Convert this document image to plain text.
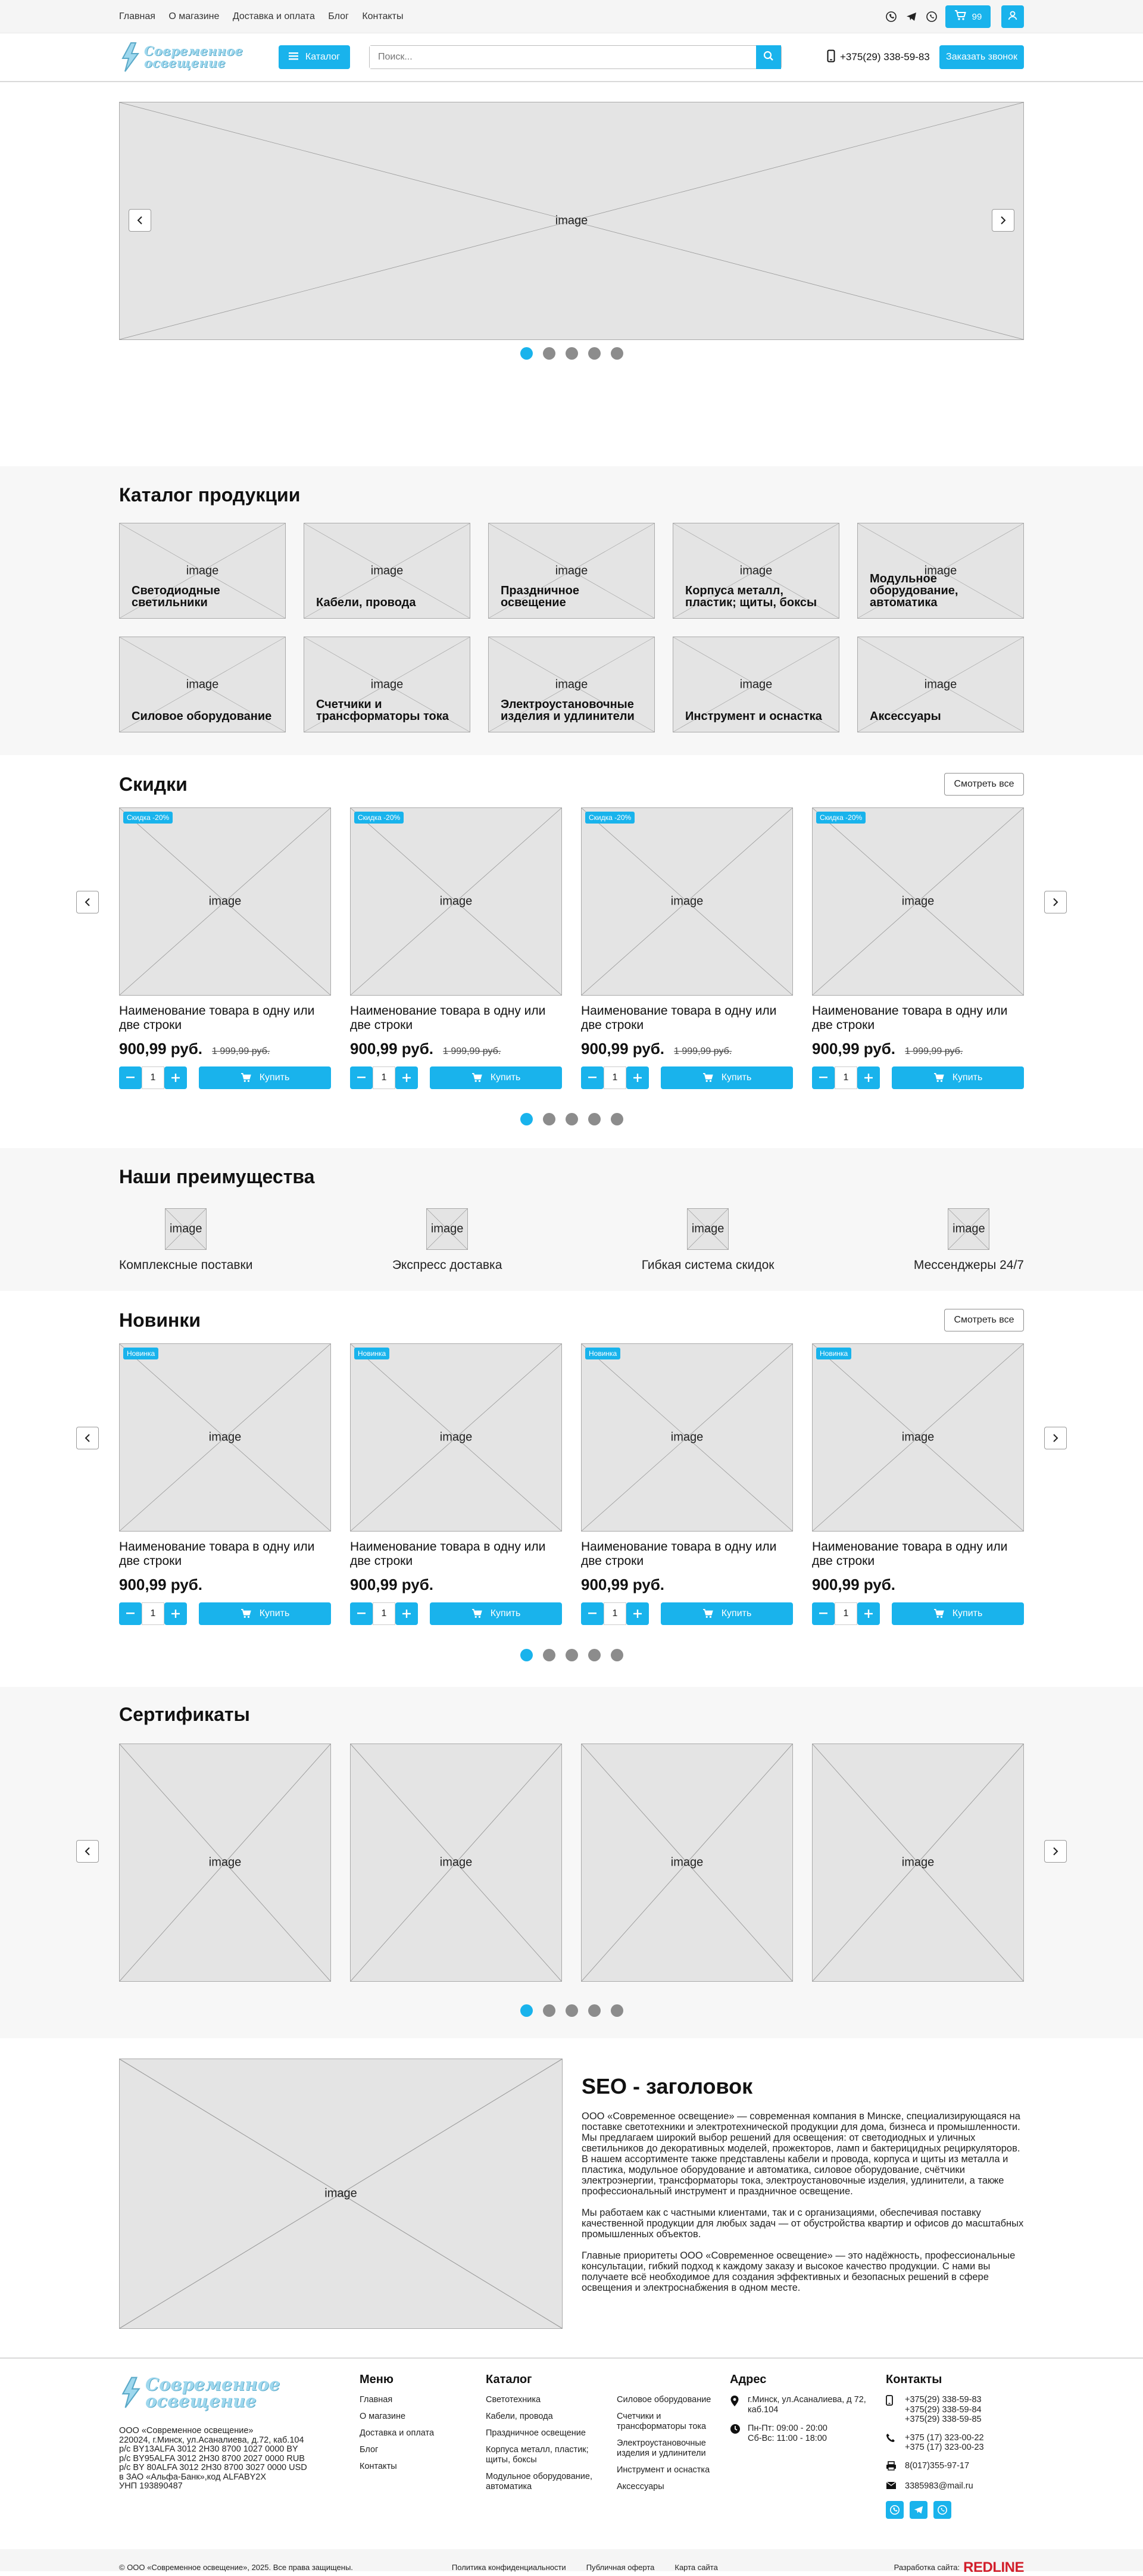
Главная О магазине Доставка и оплата Блог Контакты	99
Современное
освещение	Каталог
Поиск...	+375(29) 338-59-83	Заказать звонок
image
Каталог продукции
image
Светодиодные светильники
image
Кабели, провода
image
Праздничное освещение
image
Корпуса металл, пластик; щиты, боксы
image
Модульное оборудование, автоматика
image
Силовое оборудование
image
Счетчики и трансформаторы тока
image
Электроустановочные изделия и удлинители
image
Инструмент и оснастка
image
Аксессуары
Скидки	Смотреть все
Скидка -20%
image
Наименование товара в одну или две строки
900,99 руб. 1 999,99 руб.
1	Купить
Скидка -20%
image
Наименование товара в одну или две строки
900,99 руб. 1 999,99 руб.
1	Купить
Скидка -20%
image
Наименование товара в одну или две строки
900,99 руб. 1 999,99 руб.
1	Купить
Скидка -20%
image
Наименование товара в одну или две строки
900,99 руб. 1 999,99 руб.
1	Купить
Наши преимущества
image
Комплексные поставки
image
Экспресс доставка
image
Гибкая система скидок
image
Мессенджеры 24/7
Новинки	Смотреть все
Новинка
image
Наименование товара в одну или две строки
900,99 руб.
1	Купить
Новинка
image
Наименование товара в одну или две строки
900,99 руб.
1	Купить
Новинка
image
Наименование товара в одну или две строки
900,99 руб.
1	Купить
Новинка
image
Наименование товара в одну или две строки
900,99 руб.
1	Купить
Сертификаты
image	image	image	image
image
SEO - заголовок

ООО «Современное освещение» — современная компания в Минске, специализирующаяся на поставке светотехники и электротехнической продукции для дома, бизнеса и промышленности. Мы предлагаем широкий выбор решений для освещения: от светодиодных и уличных светильников до декоративных моделей, прожекторов, ламп и бактерицидных рециркуляторов. В нашем ассортименте также представлены кабели и провода, корпуса и щиты из металла и пластика, модульное оборудование и автоматика, силовое оборудование, счётчики электроэнергии, трансформаторы тока, электроустановочные изделия, удлинители, а также профессиональный инструмент и праздничное освещение.

Мы работаем как с частными клиентами, так и с организациями, обеспечивая поставку качественной продукции для любых задач — от обустройства квартир и офисов до масштабных промышленных объектов.

Главные приоритеты ООО «Современное освещение» — это надёжность, профессиональные консультации, гибкий подход к каждому заказу и высокое качество продукции. С нами вы получаете всё необходимое для создания эффективных и безопасных решений в сфере освещения и электроснабжения в одном месте.

Современное
освещение
ООО «Современное освещение»
220024, г.Минск, ул.Асаналиева, д.72, каб.104
р/с BY13ALFA 3012 2H30 8700 1027 0000 BY
р/с BY95ALFA 3012 2H30 8700 2027 0000 RUB
р/с BY 80ALFA 3012 2H30 8700 3027 0000 USD
в ЗАО «Альфа-Банк»,код ALFABY2X
УНП 193890487
Меню
Главная
О магазине
Доставка и оплата
Блог
Контакты
Каталог
Светотехника
Кабели, провода
Праздничное освещение
Корпуса металл, пластик; щиты, боксы
Модульное оборудование, автоматика
Силовое оборудование
Счетчики и трансформаторы тока
Электроустановочные изделия и удлинители
Инструмент и оснастка
Аксессуары
Адрес
г.Минск, ул.Асаналиева, д 72, каб.104
Пн-Пт: 09:00 - 20:00
Сб-Вс: 11:00 - 18:00
Контакты
+375(29) 338-59-83
+375(29) 338-59-84
+375(29) 338-59-85
+375 (17) 323-00-22
+375 (17) 323-00-23
8(017)355-97-17
3385983@mail.ru
© ООО «Современное освещение», 2025. Все права защищены.	Политика конфиденциальности	Публичная оферта	Карта сайта	Разработка сайта: REDLINE
